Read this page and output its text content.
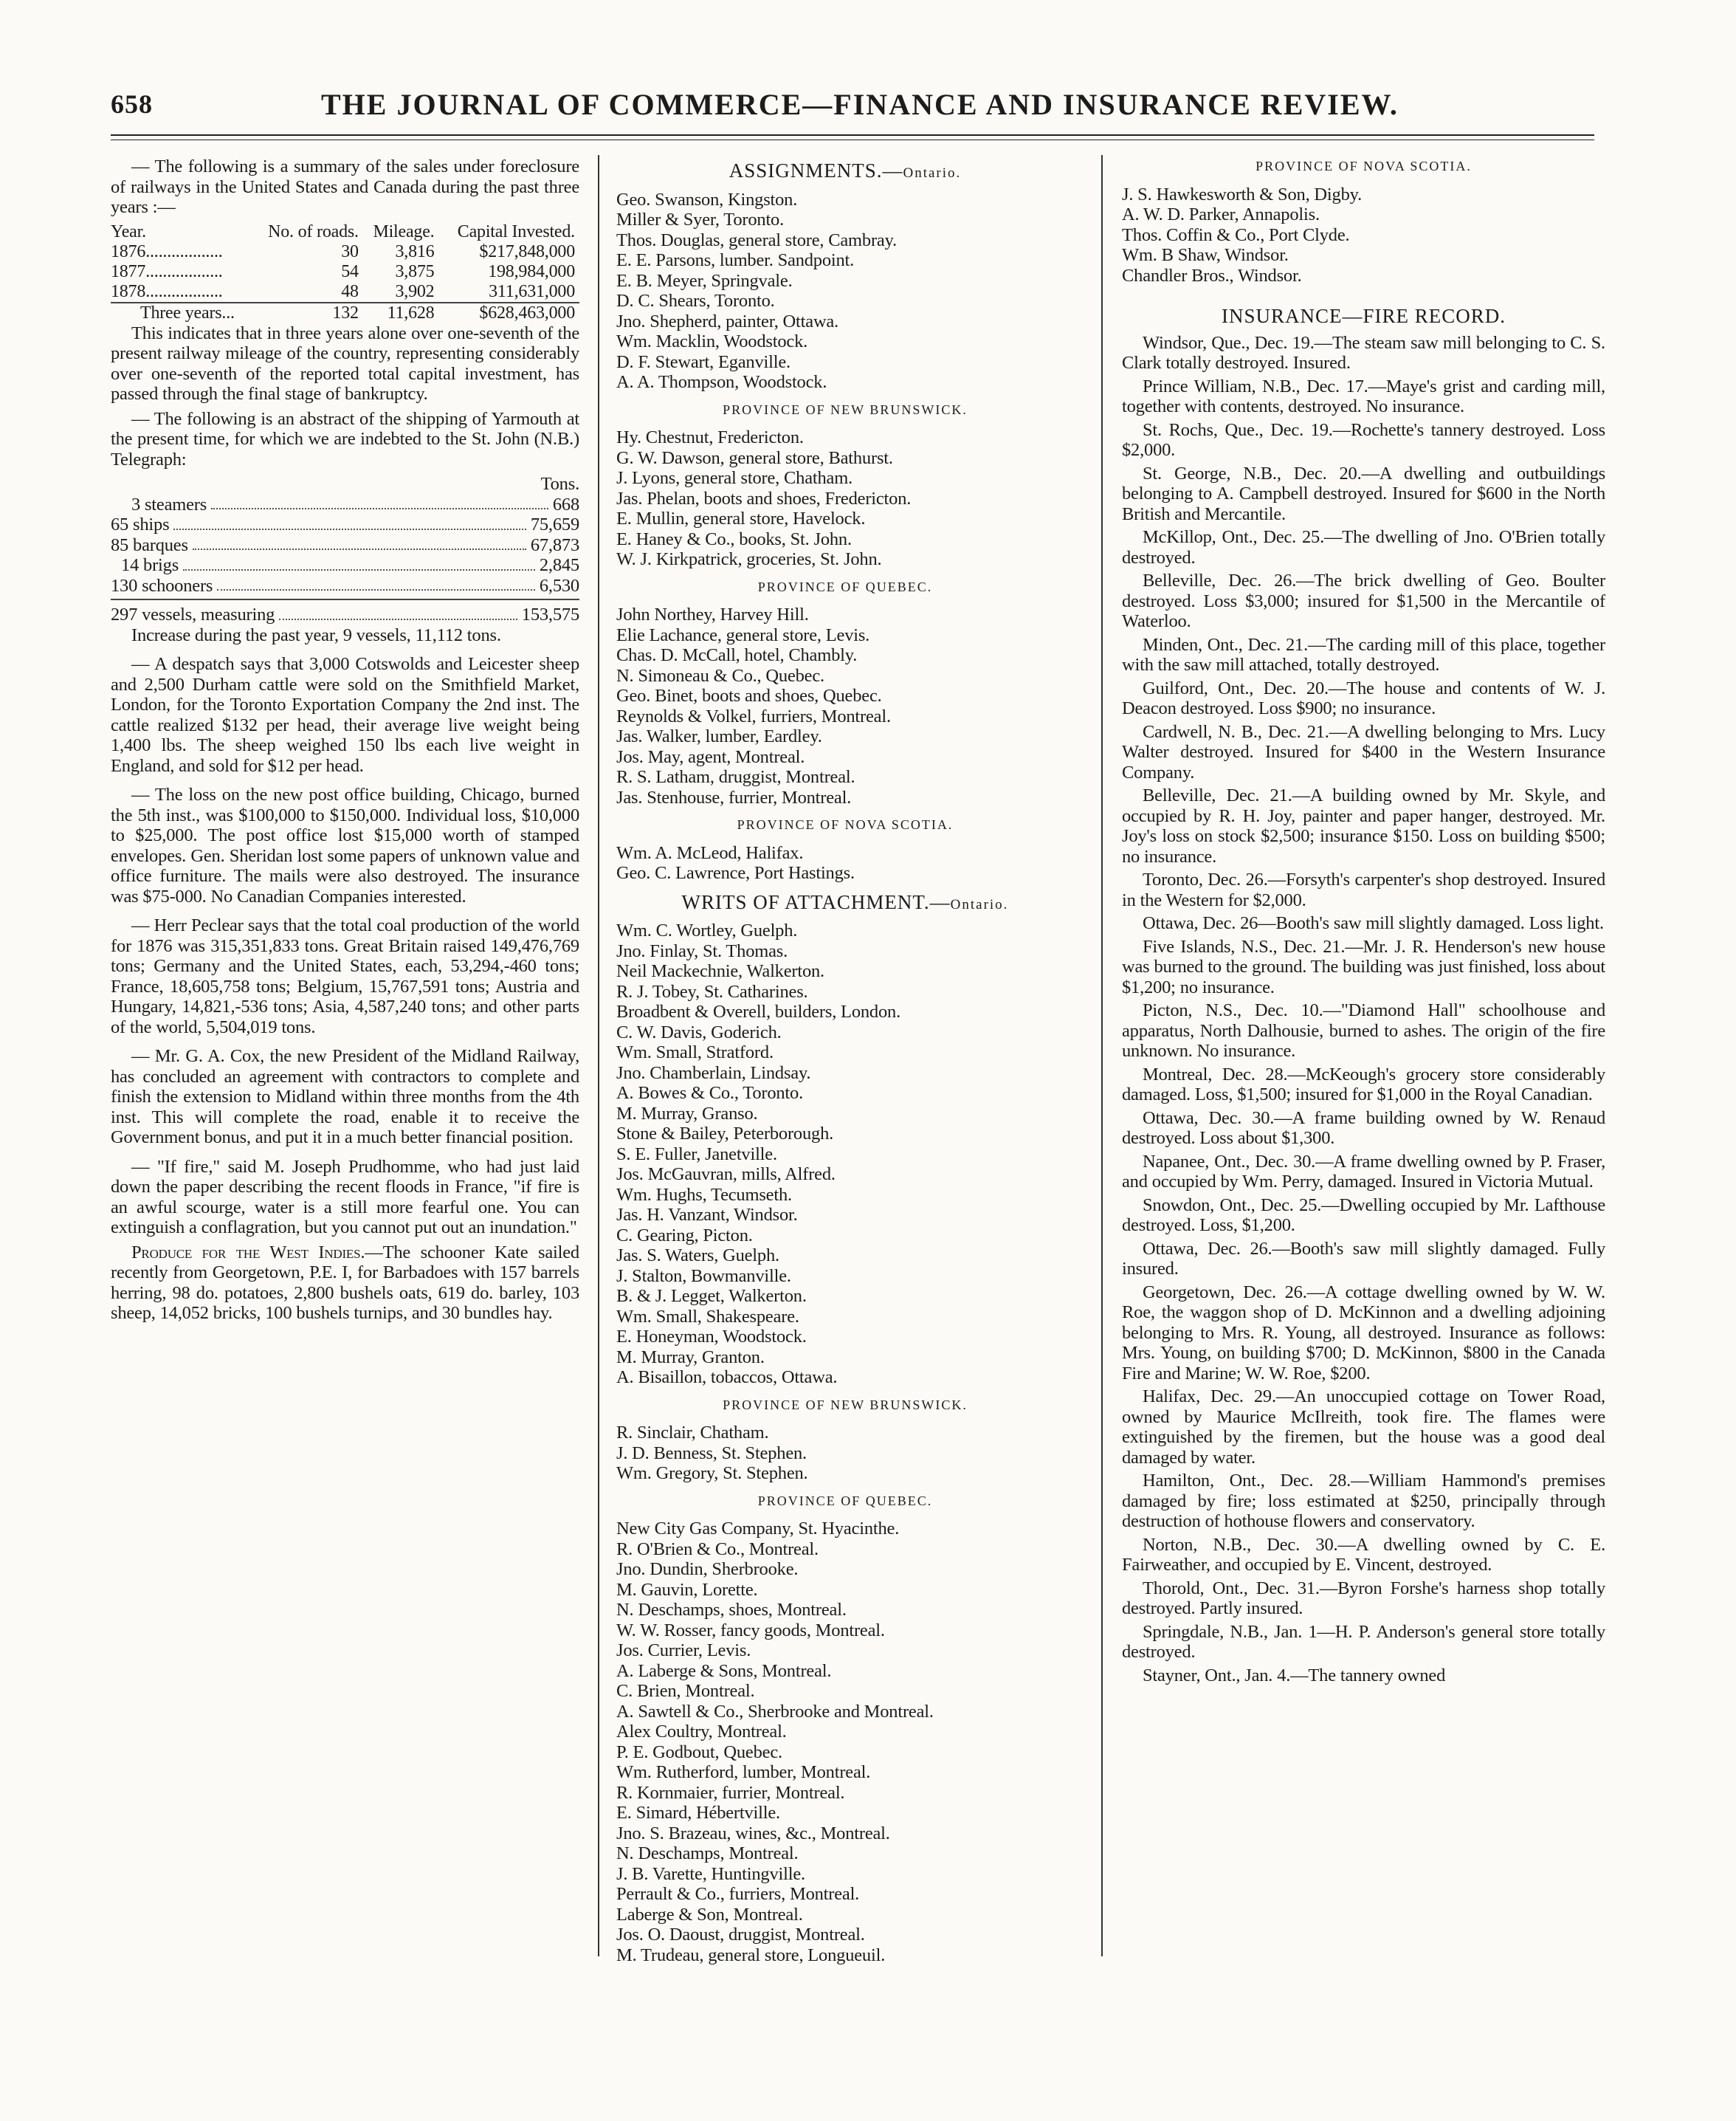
658	THE JOURNAL OF COMMERCE—FINANCE AND INSURANCE REVIEW.

— The following is a summary of the sales under foreclosure of railways in the United States and Canada during the past three years :—

Year.	No. of roads.	Mileage.	Capital Invested.
1876..................	30	3,816	$217,848,000
1877..................	54	3,875	198,984,000
1878..................	48	3,902	311,631,000
Three years...	132	11,628	$628,463,000

This indicates that in three years alone over one-seventh of the present railway mileage of the country, representing considerably over one-seventh of the reported total capital investment, has passed through the final stage of bankruptcy.

— The following is an abstract of the shipping of Yarmouth at the present time, for which we are indebted to the St. John (N.B.) Telegraph:

Tons.
3 steamers	668
65 ships	75,659
85 barques	67,873
14 brigs	2,845
130 schooners	6,530
297 vessels, measuring	153,575

Increase during the past year, 9 vessels, 11,112 tons.

— A despatch says that 3,000 Cotswolds and Leicester sheep and 2,500 Durham cattle were sold on the Smithfield Market, London, for the Toronto Exportation Company the 2nd inst. The cattle realized $132 per head, their average live weight being 1,400 lbs. The sheep weighed 150 lbs each live weight in England, and sold for $12 per head.

— The loss on the new post office building, Chicago, burned the 5th inst., was $100,000 to $150,000. Individual loss, $10,000 to $25,000. The post office lost $15,000 worth of stamped envelopes. Gen. Sheridan lost some papers of unknown value and office furniture. The mails were also destroyed. The insurance was $75-000. No Canadian Companies interested.

— Herr Peclear says that the total coal production of the world for 1876 was 315,351,833 tons. Great Britain raised 149,476,769 tons; Germany and the United States, each, 53,294,-460 tons; France, 18,605,758 tons; Belgium, 15,767,591 tons; Austria and Hungary, 14,821,-536 tons; Asia, 4,587,240 tons; and other parts of the world, 5,504,019 tons.

— Mr. G. A. Cox, the new President of the Midland Railway, has concluded an agreement with contractors to complete and finish the extension to Midland within three months from the 4th inst. This will complete the road, enable it to receive the Government bonus, and put it in a much better financial position.

— "If fire," said M. Joseph Prudhomme, who had just laid down the paper describing the recent floods in France, "if fire is an awful scourge, water is a still more fearful one. You can extinguish a conflagration, but you cannot put out an inundation."

Produce for the West Indies.—The schooner Kate sailed recently from Georgetown, P.E. I, for Barbadoes with 157 barrels herring, 98 do. potatoes, 2,800 bushels oats, 619 do. barley, 103 sheep, 14,052 bricks, 100 bushels turnips, and 30 bundles hay.

ASSIGNMENTS.—Ontario.
Geo. Swanson, Kingston.
Miller & Syer, Toronto.
Thos. Douglas, general store, Cambray.
E. E. Parsons, lumber. Sandpoint.
E. B. Meyer, Springvale.
D. C. Shears, Toronto.
Jno. Shepherd, painter, Ottawa.
Wm. Macklin, Woodstock.
D. F. Stewart, Eganville.
A. A. Thompson, Woodstock.
PROVINCE OF NEW BRUNSWICK.
Hy. Chestnut, Fredericton.
G. W. Dawson, general store, Bathurst.
J. Lyons, general store, Chatham.
Jas. Phelan, boots and shoes, Fredericton.
E. Mullin, general store, Havelock.
E. Haney & Co., books, St. John.
W. J. Kirkpatrick, groceries, St. John.
PROVINCE OF QUEBEC.
John Northey, Harvey Hill.
Elie Lachance, general store, Levis.
Chas. D. McCall, hotel, Chambly.
N. Simoneau & Co., Quebec.
Geo. Binet, boots and shoes, Quebec.
Reynolds & Volkel, furriers, Montreal.
Jas. Walker, lumber, Eardley.
Jos. May, agent, Montreal.
R. S. Latham, druggist, Montreal.
Jas. Stenhouse, furrier, Montreal.
PROVINCE OF NOVA SCOTIA.
Wm. A. McLeod, Halifax.
Geo. C. Lawrence, Port Hastings.
WRITS OF ATTACHMENT.—Ontario.
Wm. C. Wortley, Guelph.
Jno. Finlay, St. Thomas.
Neil Mackechnie, Walkerton.
R. J. Tobey, St. Catharines.
Broadbent & Overell, builders, London.
C. W. Davis, Goderich.
Wm. Small, Stratford.
Jno. Chamberlain, Lindsay.
A. Bowes & Co., Toronto.
M. Murray, Granso.
Stone & Bailey, Peterborough.
S. E. Fuller, Janetville.
Jos. McGauvran, mills, Alfred.
Wm. Hughs, Tecumseth.
Jas. H. Vanzant, Windsor.
C. Gearing, Picton.
Jas. S. Waters, Guelph.
J. Stalton, Bowmanville.
B. & J. Legget, Walkerton.
Wm. Small, Shakespeare.
E. Honeyman, Woodstock.
M. Murray, Granton.
A. Bisaillon, tobaccos, Ottawa.
PROVINCE OF NEW BRUNSWICK.
R. Sinclair, Chatham.
J. D. Benness, St. Stephen.
Wm. Gregory, St. Stephen.
PROVINCE OF QUEBEC.
New City Gas Company, St. Hyacinthe.
R. O'Brien & Co., Montreal.
Jno. Dundin, Sherbrooke.
M. Gauvin, Lorette.
N. Deschamps, shoes, Montreal.
W. W. Rosser, fancy goods, Montreal.
Jos. Currier, Levis.
A. Laberge & Sons, Montreal.
C. Brien, Montreal.
A. Sawtell & Co., Sherbrooke and Montreal.
Alex Coultry, Montreal.
P. E. Godbout, Quebec.
Wm. Rutherford, lumber, Montreal.
R. Kornmaier, furrier, Montreal.
E. Simard, Hébertville.
Jno. S. Brazeau, wines, &c., Montreal.
N. Deschamps, Montreal.
J. B. Varette, Huntingville.
Perrault & Co., furriers, Montreal.
Laberge & Son, Montreal.
Jos. O. Daoust, druggist, Montreal.
M. Trudeau, general store, Longueuil.
PROVINCE OF NOVA SCOTIA.
J. S. Hawkesworth & Son, Digby.
A. W. D. Parker, Annapolis.
Thos. Coffin & Co., Port Clyde.
Wm. B Shaw, Windsor.
Chandler Bros., Windsor.
INSURANCE—FIRE RECORD.

Windsor, Que., Dec. 19.—The steam saw mill belonging to C. S. Clark totally destroyed. Insured.

Prince William, N.B., Dec. 17.—Maye's grist and carding mill, together with contents, destroyed. No insurance.

St. Rochs, Que., Dec. 19.—Rochette's tannery destroyed. Loss $2,000.

St. George, N.B., Dec. 20.—A dwelling and outbuildings belonging to A. Campbell destroyed. Insured for $600 in the North British and Mercantile.

McKillop, Ont., Dec. 25.—The dwelling of Jno. O'Brien totally destroyed.

Belleville, Dec. 26.—The brick dwelling of Geo. Boulter destroyed. Loss $3,000; insured for $1,500 in the Mercantile of Waterloo.

Minden, Ont., Dec. 21.—The carding mill of this place, together with the saw mill attached, totally destroyed.

Guilford, Ont., Dec. 20.—The house and contents of W. J. Deacon destroyed. Loss $900; no insurance.

Cardwell, N. B., Dec. 21.—A dwelling belonging to Mrs. Lucy Walter destroyed. Insured for $400 in the Western Insurance Company.

Belleville, Dec. 21.—A building owned by Mr. Skyle, and occupied by R. H. Joy, painter and paper hanger, destroyed. Mr. Joy's loss on stock $2,500; insurance $150. Loss on building $500; no insurance.

Toronto, Dec. 26.—Forsyth's carpenter's shop destroyed. Insured in the Western for $2,000.

Ottawa, Dec. 26—Booth's saw mill slightly damaged. Loss light.

Five Islands, N.S., Dec. 21.—Mr. J. R. Henderson's new house was burned to the ground. The building was just finished, loss about $1,200; no insurance.

Picton, N.S., Dec. 10.—"Diamond Hall" schoolhouse and apparatus, North Dalhousie, burned to ashes. The origin of the fire unknown. No insurance.

Montreal, Dec. 28.—McKeough's grocery store considerably damaged. Loss, $1,500; insured for $1,000 in the Royal Canadian.

Ottawa, Dec. 30.—A frame building owned by W. Renaud destroyed. Loss about $1,300.

Napanee, Ont., Dec. 30.—A frame dwelling owned by P. Fraser, and occupied by Wm. Perry, damaged. Insured in Victoria Mutual.

Snowdon, Ont., Dec. 25.—Dwelling occupied by Mr. Lafthouse destroyed. Loss, $1,200.

Ottawa, Dec. 26.—Booth's saw mill slightly damaged. Fully insured.

Georgetown, Dec. 26.—A cottage dwelling owned by W. W. Roe, the waggon shop of D. McKinnon and a dwelling adjoining belonging to Mrs. R. Young, all destroyed. Insurance as follows: Mrs. Young, on building $700; D. McKinnon, $800 in the Canada Fire and Marine; W. W. Roe, $200.

Halifax, Dec. 29.—An unoccupied cottage on Tower Road, owned by Maurice McIlreith, took fire. The flames were extinguished by the firemen, but the house was a good deal damaged by water.

Hamilton, Ont., Dec. 28.—William Hammond's premises damaged by fire; loss estimated at $250, principally through destruction of hothouse flowers and conservatory.

Norton, N.B., Dec. 30.—A dwelling owned by C. E. Fairweather, and occupied by E. Vincent, destroyed.

Thorold, Ont., Dec. 31.—Byron Forshe's harness shop totally destroyed. Partly insured.

Springdale, N.B., Jan. 1—H. P. Anderson's general store totally destroyed.

Stayner, Ont., Jan. 4.—The tannery owned
